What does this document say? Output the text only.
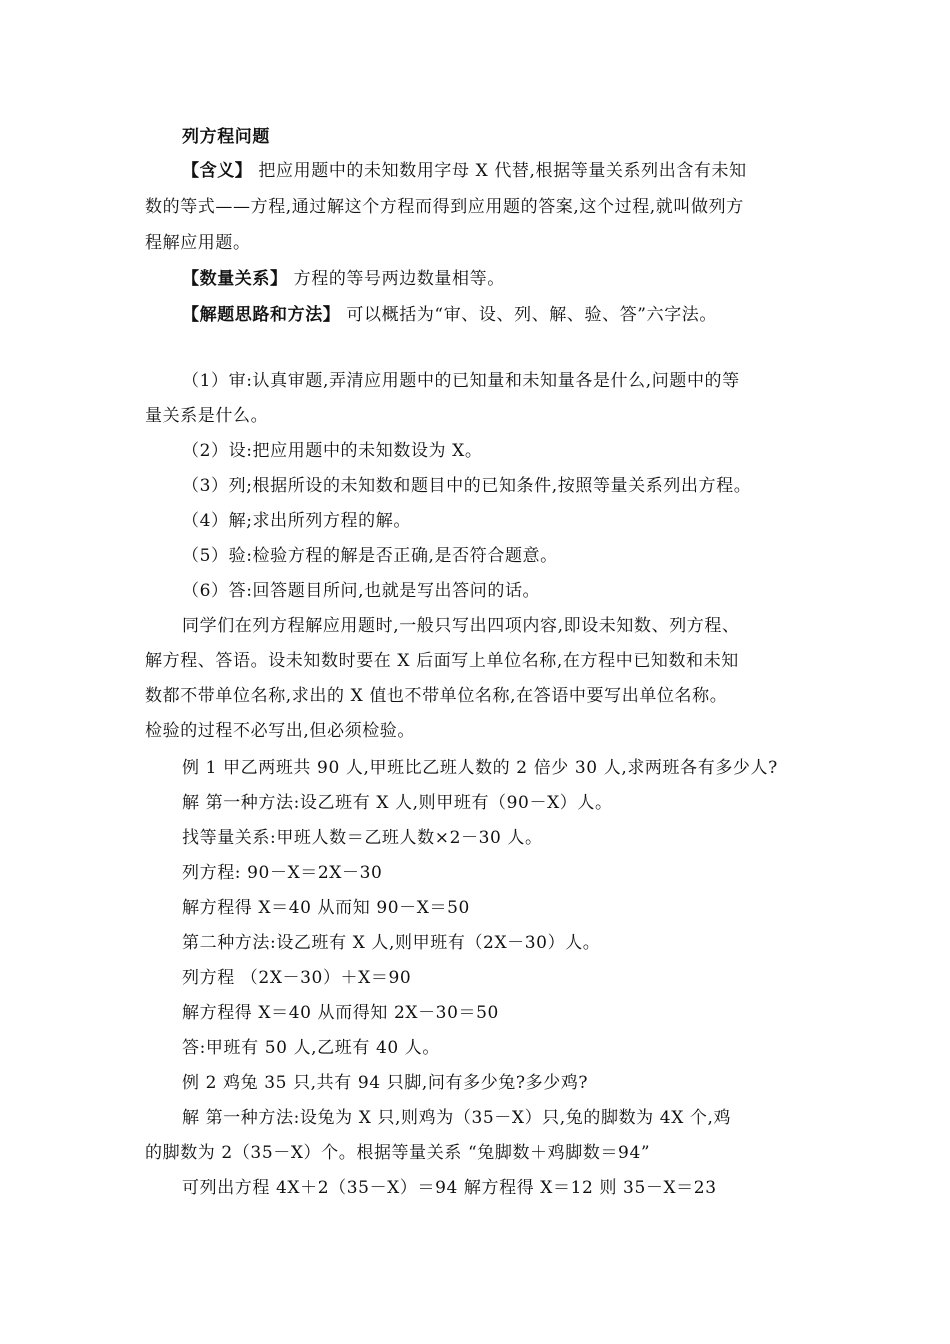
列方程问题
【含义】 把应用题中的未知数用字母 X 代替,根据等量关系列出含有未知
数的等式——方程,通过解这个方程而得到应用题的答案,这个过程,就叫做列方
程解应用题。
【数量关系】 方程的等号两边数量相等。
【解题思路和方法】 可以概括为“审、设、列、解、验、答”六字法。
（1）审:认真审题,弄清应用题中的已知量和未知量各是什么,问题中的等
量关系是什么。
（2）设:把应用题中的未知数设为 X。
（3）列;根据所设的未知数和题目中的已知条件,按照等量关系列出方程。
（4）解;求出所列方程的解。
（5）验:检验方程的解是否正确,是否符合题意。
（6）答:回答题目所问,也就是写出答问的话。
同学们在列方程解应用题时,一般只写出四项内容,即设未知数、列方程、
解方程、答语。设未知数时要在 X 后面写上单位名称,在方程中已知数和未知
数都不带单位名称,求出的 X 值也不带单位名称,在答语中要写出单位名称。
检验的过程不必写出,但必须检验。
例 1 甲乙两班共 90 人,甲班比乙班人数的 2 倍少 30 人,求两班各有多少人?
解 第一种方法:设乙班有 X 人,则甲班有（90－X）人。
找等量关系:甲班人数＝乙班人数×2－30 人。
列方程: 90－X＝2X－30
解方程得 X＝40 从而知 90－X＝50
第二种方法:设乙班有 X 人,则甲班有（2X－30）人。
列方程 （2X－30）＋X＝90
解方程得 X＝40 从而得知 2X－30＝50
答:甲班有 50 人,乙班有 40 人。
例 2 鸡兔 35 只,共有 94 只脚,问有多少兔?多少鸡?
解 第一种方法:设兔为 X 只,则鸡为（35－X）只,兔的脚数为 4X 个,鸡
的脚数为 2（35－X）个。根据等量关系 “兔脚数＋鸡脚数＝94”
可列出方程 4X＋2（35－X）＝94 解方程得 X＝12 则 35－X＝23
